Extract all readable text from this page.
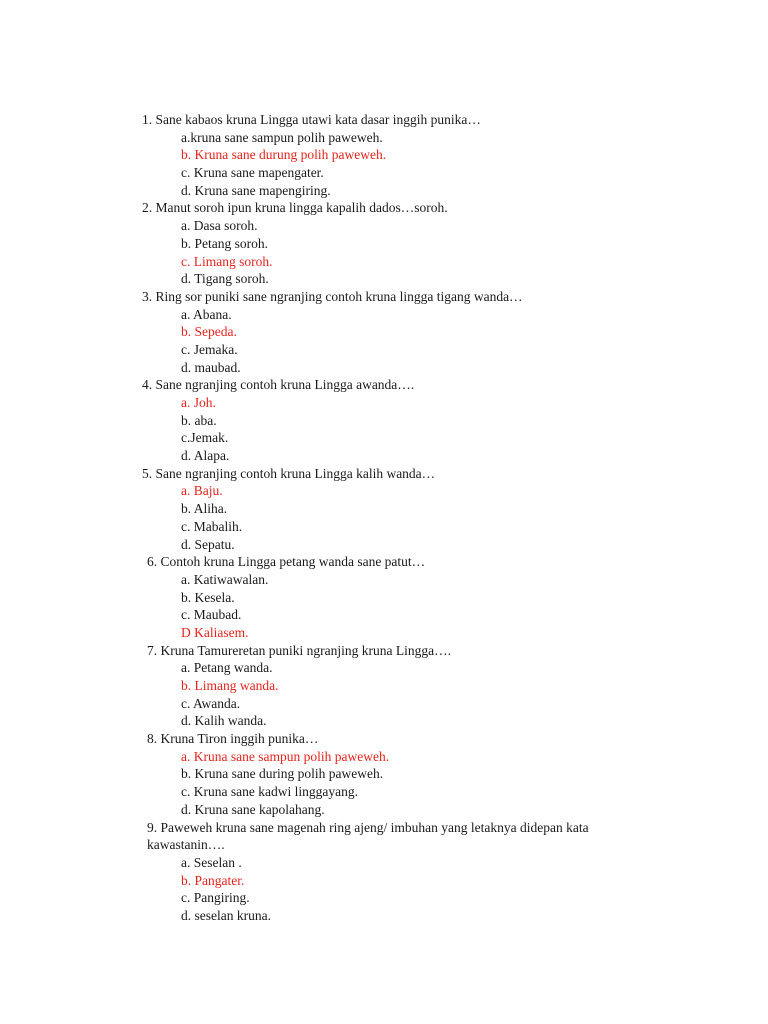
1. Sane kabaos kruna Lingga utawi kata dasar inggih punika…
a.kruna sane sampun polih paweweh.
b. Kruna sane durung polih paweweh.
c. Kruna sane mapengater.
d. Kruna sane mapengiring.
2. Manut soroh ipun kruna lingga kapalih dados…soroh.
a. Dasa soroh.
b. Petang soroh.
c. Limang soroh.
d. Tigang soroh.
3. Ring sor puniki sane ngranjing contoh kruna lingga tigang wanda…
a. Abana.
b. Sepeda.
c. Jemaka.
d. maubad.
4. Sane ngranjing contoh kruna Lingga awanda….
a. Joh.
b. aba.
c.Jemak.
d. Alapa.
5. Sane ngranjing contoh kruna Lingga kalih wanda…
a. Baju.
b. Aliha.
c. Mabalih.
d. Sepatu.
6. Contoh kruna Lingga petang wanda sane patut…
a. Katiwawalan.
b. Kesela.
c. Maubad.
D Kaliasem.
7. Kruna Tamureretan puniki ngranjing kruna Lingga….
a. Petang wanda.
b. Limang wanda.
c. Awanda.
d. Kalih wanda.
8. Kruna Tiron inggih punika…
a. Kruna sane sampun polih paweweh.
b. Kruna sane during polih paweweh.
c. Kruna sane kadwi linggayang.
d. Kruna sane kapolahang.
9. Paweweh kruna sane magenah ring ajeng/ imbuhan yang letaknya didepan kata kawastanin….
a. Seselan .
b. Pangater.
c. Pangiring.
d. seselan kruna.
